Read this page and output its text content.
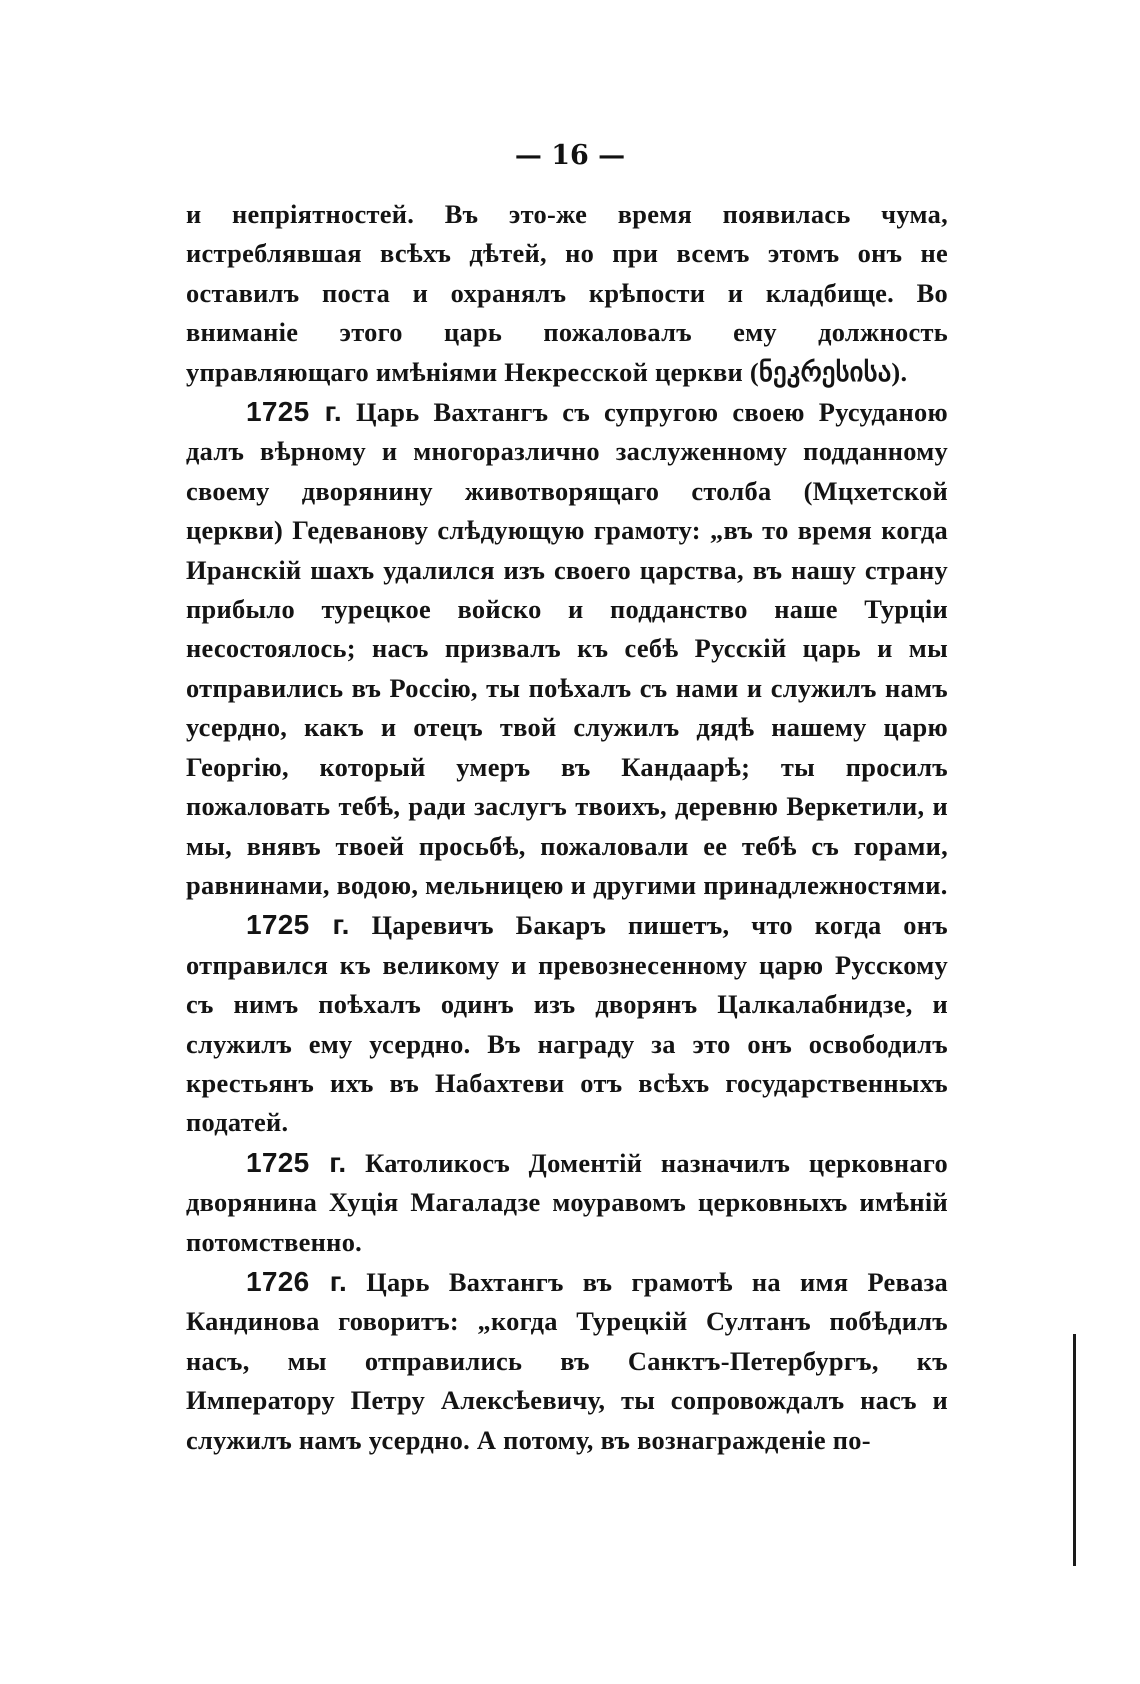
— 16 —

и непріятностей. Въ это-же время появилась чума, истреблявшая всѣхъ дѣтей, но при всемъ этомъ онъ не оставилъ поста и охранялъ крѣпости и кладбище. Во вниманіе этого царь пожаловалъ ему должность управляющаго имѣніями Некресской церкви (ნეკრესისა).

1725 г. Царь Вахтангъ съ супругою своею Русуданою далъ вѣрному и многоразлично заслуженному подданному своему дворянину животворящаго столба (Мцхетской церкви) Гедеванову слѣдующую грамоту: „въ то время когда Иранскій шахъ удалился изъ своего царства, въ нашу страну прибыло турецкое войско и подданство наше Турціи несостоялось; насъ призвалъ къ себѣ Русскій царь и мы отправились въ Россію, ты поѣхалъ съ нами и служилъ намъ усердно, какъ и отецъ твой служилъ дядѣ нашему царю Георгію, который умеръ въ Кандаарѣ; ты просилъ пожаловать тебѣ, ради заслугъ твоихъ, деревню Веркетили, и мы, внявъ твоей просьбѣ, пожаловали ее тебѣ съ горами, равнинами, водою, мельницею и другими принадлежностями.

1725 г. Царевичъ Бакаръ пишетъ, что когда онъ отправился къ великому и превознесенному царю Русскому съ нимъ поѣхалъ одинъ изъ дворянъ Цалкалабнидзе, и служилъ ему усердно. Въ награду за это онъ освободилъ крестьянъ ихъ въ Набахтеви отъ всѣхъ государственныхъ податей.

1725 г. Католикосъ Доментій назначилъ церковнаго дворянина Хуція Магаладзе моуравомъ церковныхъ имѣній потомственно.

1726 г. Царь Вахтангъ въ грамотѣ на имя Реваза Кандинова говоритъ: „когда Турецкій Султанъ побѣдилъ насъ, мы отправились въ Санктъ-Петербургъ, къ Императору Петру Алексѣевичу, ты сопровождалъ насъ и служилъ намъ усердно. А потому, въ вознагражденіе по-
